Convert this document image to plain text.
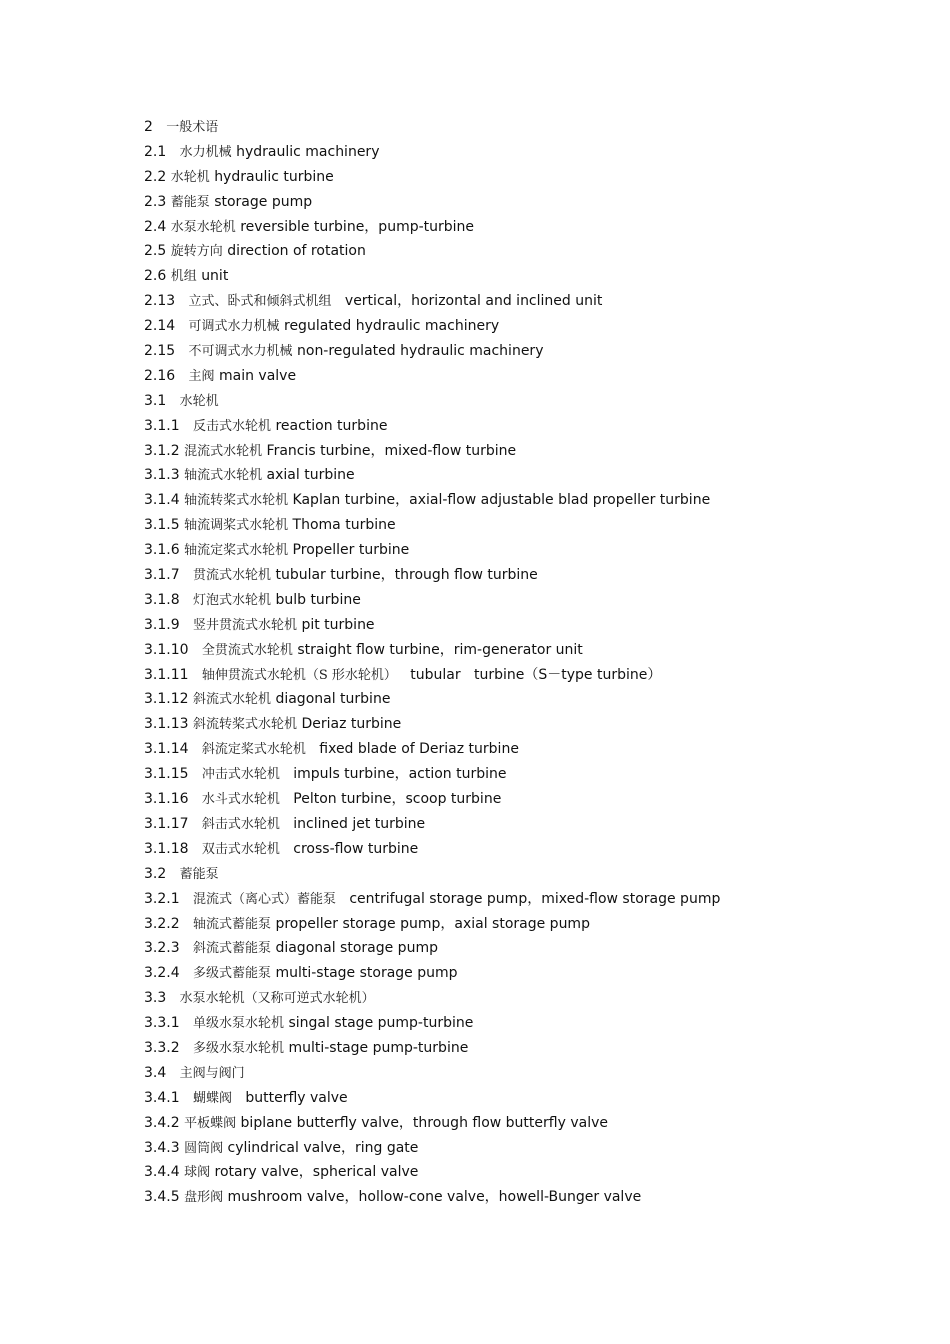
2 一般术语
2.1 水力机械 hydraulic machinery
2.2 水轮机 hydraulic turbine
2.3 蓄能泵 storage pump
2.4 水泵水轮机 reversible turbine，pump-turbine
2.5 旋转方向 direction of rotation
2.6 机组 unit
2.13 立式、卧式和倾斜式机组 vertical，horizontal and inclined unit
2.14 可调式水力机械 regulated hydraulic machinery
2.15 不可调式水力机械 non-regulated hydraulic machinery
2.16 主阀 main valve
3.1 水轮机
3.1.1 反击式水轮机 reaction turbine
3.1.2 混流式水轮机 Francis turbine，mixed-flow turbine
3.1.3 轴流式水轮机 axial turbine
3.1.4 轴流转桨式水轮机 Kaplan turbine，axial-flow adjustable blad propeller turbine
3.1.5 轴流调桨式水轮机 Thoma turbine
3.1.6 轴流定桨式水轮机 Propeller turbine
3.1.7 贯流式水轮机 tubular turbine，through flow turbine
3.1.8 灯泡式水轮机 bulb turbine
3.1.9 竖井贯流式水轮机 pit turbine
3.1.10 全贯流式水轮机 straight flow turbine，rim-generator unit
3.1.11 轴伸贯流式水轮机（S 形水轮机） tubular   turbine（S－type turbine）
3.1.12 斜流式水轮机 diagonal turbine
3.1.13 斜流转桨式水轮机 Deriaz turbine
3.1.14 斜流定桨式水轮机 fixed blade of Deriaz turbine
3.1.15 冲击式水轮机 impuls turbine，action turbine
3.1.16 水斗式水轮机 Pelton turbine，scoop turbine
3.1.17 斜击式水轮机 inclined jet turbine
3.1.18 双击式水轮机 cross-flow turbine
3.2 蓄能泵
3.2.1 混流式（离心式）蓄能泵 centrifugal storage pump，mixed-flow storage pump
3.2.2 轴流式蓄能泵 propeller storage pump，axial storage pump
3.2.3 斜流式蓄能泵 diagonal storage pump
3.2.4 多级式蓄能泵 multi-stage storage pump
3.3 水泵水轮机（又称可逆式水轮机）
3.3.1 单级水泵水轮机 singal stage pump-turbine
3.3.2 多级水泵水轮机 multi-stage pump-turbine
3.4 主阀与阀门
3.4.1 蝴蝶阀 butterfly valve
3.4.2 平板蝶阀 biplane butterfly valve，through flow butterfly valve
3.4.3 圆筒阀 cylindrical valve，ring gate
3.4.4 球阀 rotary valve，spherical valve
3.4.5 盘形阀 mushroom valve，hollow-cone valve，howell-Bunger valve
